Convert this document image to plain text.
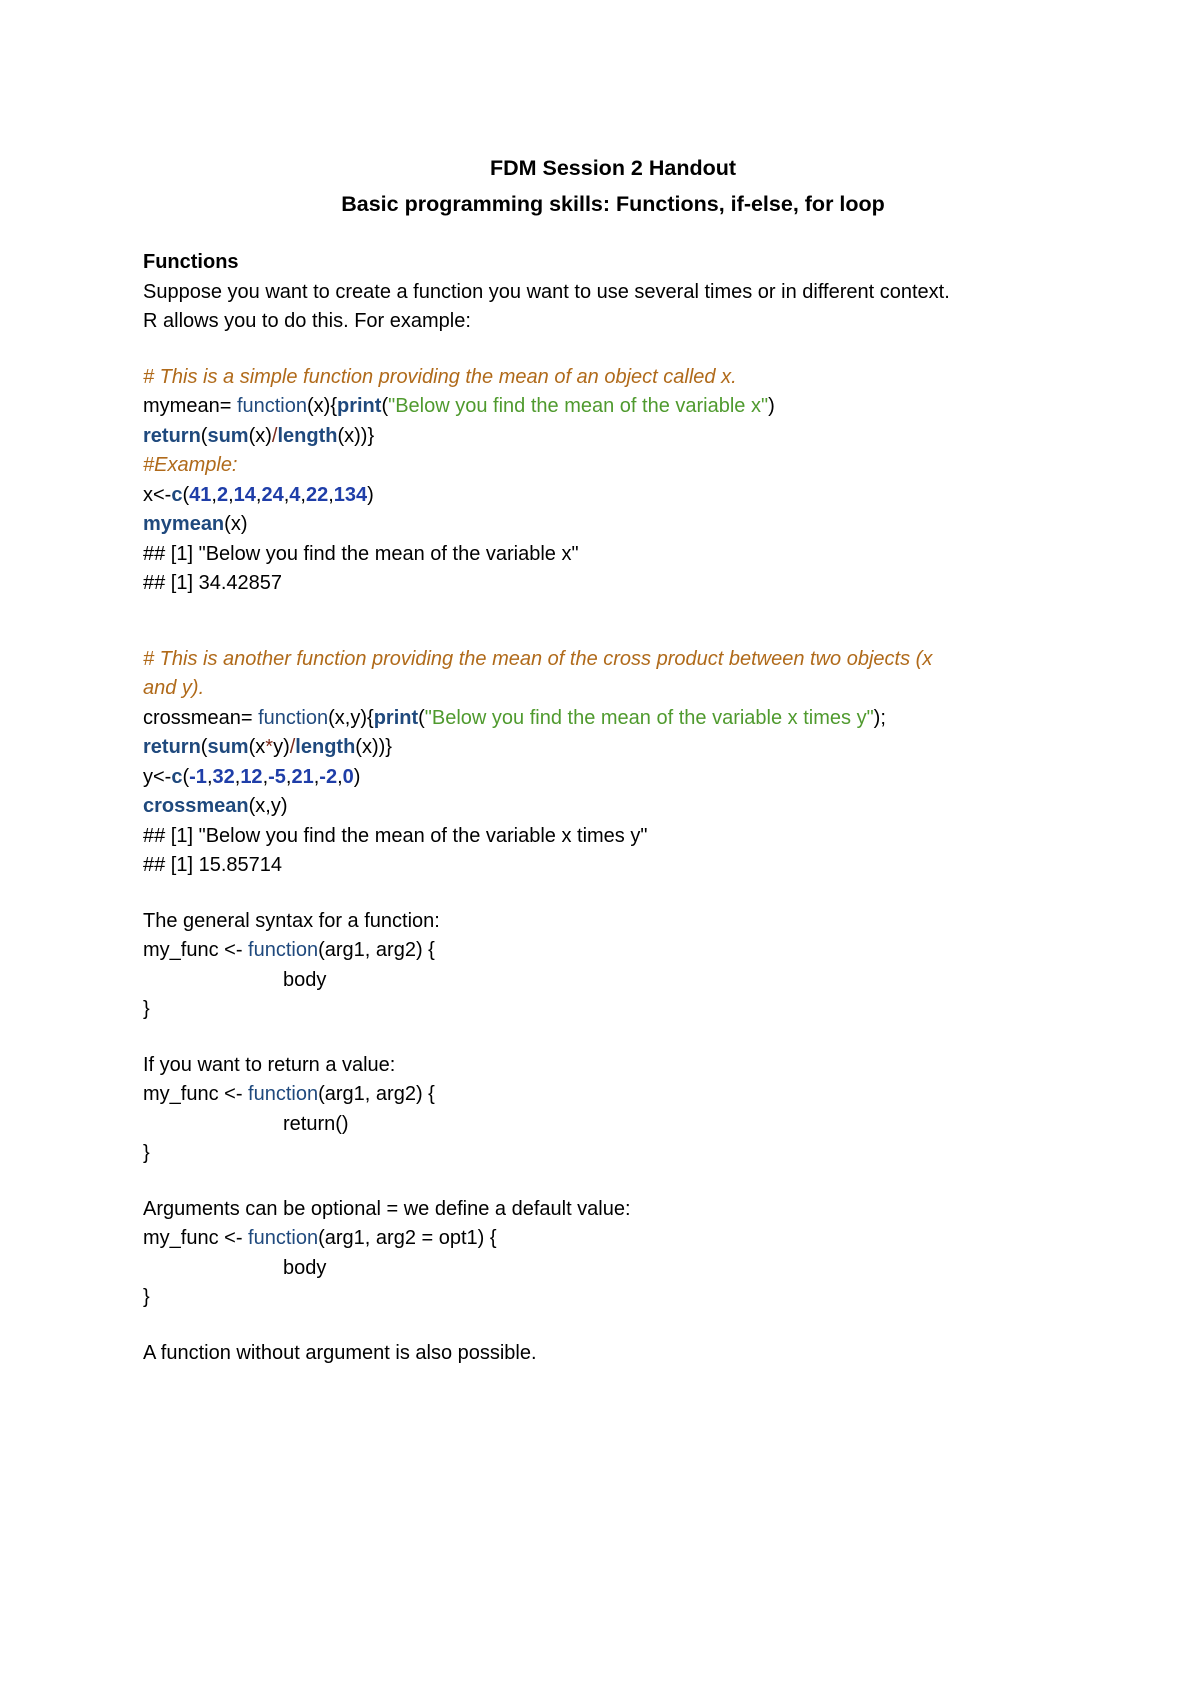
FDM Session 2 Handout

Basic programming skills: Functions, if-else, for loop

Functions

Suppose you want to create a function you want to use several times or in different context.

R allows you to do this. For example:

# This is a simple function providing the mean of an object called x.

mymean= function(x){print("Below you find the mean of the variable x")

return(sum(x)/length(x))}

#Example:

x<-c(41,2,14,24,4,22,134)

mymean(x)

## [1] "Below you find the mean of the variable x"

## [1] 34.42857

# This is another function providing the mean of the cross product between two objects (x

and y).

crossmean= function(x,y){print("Below you find the mean of the variable x times y");

return(sum(x*y)/length(x))}

y<-c(-1,32,12,-5,21,-2,0)

crossmean(x,y)

## [1] "Below you find the mean of the variable x times y"

## [1] 15.85714

The general syntax for a function:

my_func <- function(arg1, arg2) {

body

}

If you want to return a value:

my_func <- function(arg1, arg2) {

return()

}

Arguments can be optional = we define a default value:

my_func <- function(arg1, arg2 = opt1) {

body

}

A function without argument is also possible.
